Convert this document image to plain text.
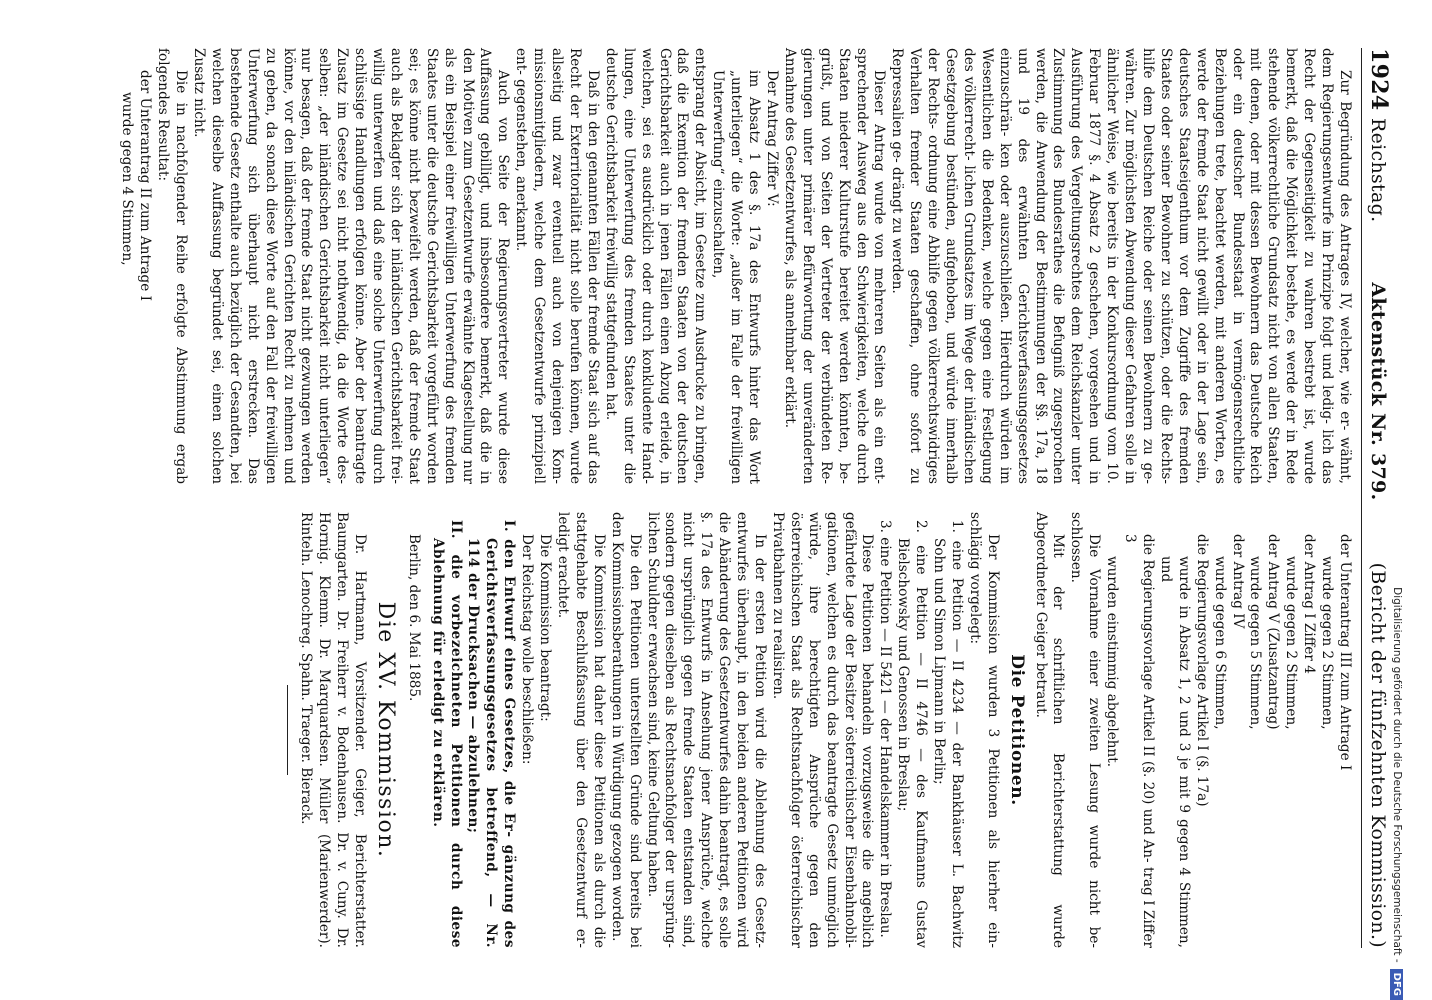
1924
Reichstag.
Aktenstück Nr. 379.
(Bericht der fünfzehnten Kommission.)

Zur Begründung des Antrages IV, welcher, wie er- wähnt, dem Regierungsentwurfe im Prinzipe folgt und ledig- lich das Recht der Gegenseitigkeit zu wahren bestrebt ist, wurde bemerkt, daß die Möglichkeit bestehe, es werde der in Rede stehende völkerrechtliche Grundsatz nicht von allen Staaten, mit denen, oder mit dessen Bewohnern das Deutsche Reich oder ein deutscher Bundesstaat in vermögensrechtliche Beziehungen trete, beachtet werden, mit anderen Worten, es werde der fremde Staat nicht gewillt oder in der Lage sein, deutsches Staatseigenthum vor dem Zugriffe des fremden Staates oder seiner Bewohner zu schützen, oder die Rechts- hilfe dem Deutschen Reiche oder seinen Bewohnern zu ge- währen. Zur möglichsten Abwendung dieser Gefahren solle in ähnlicher Weise, wie bereits in der Konkursordnung vom 10. Februar 1877 §. 4 Absatz 2 geschehen, vorgesehen und in Ausführung des Vergeltungsrechtes dem Reichskanzler unter Zustimmung des Bundesrathes die Befugniß zugesprochen werden, die Anwendung der Bestimmungen der §§. 17a, 18 und 19 des erwähnten Gerichtsverfassungsgesetzes einzuschrän- ken oder auszuschließen. Hierdurch würden im Wesentlichen die Bedenken, welche gegen eine Festlegung des völkerrecht- lichen Grundsatzes im Wege der inländischen Gesetzgebung bestünden, aufgehoben, und würde innerhalb der Rechts- ordnung eine Abhilfe gegen völkerrechtswidriges Verhalten fremder Staaten geschaffen, ohne sofort zu Repressalien ge- drängt zu werden.

Dieser Antrag wurde von mehreren Seiten als ein ent- sprechender Ausweg aus den Schwierigkeiten, welche durch Staaten niederer Kulturstufe bereitet werden könnten, be- grüßt, und von Seiten der Vertreter der verbündeten Re- gierungen unter primärer Befürwortung der unveränderten Annahme des Gesetzentwurfes, als annehmbar erklärt.

Der Antrag Ziffer V:

im Absatz 1 des §. 17a des Entwurfs hinter das Wort „unterliegen“ die Worte: „außer im Falle der freiwilligen Unterwerfung“ einzuschalten,

entsprang der Absicht, im Gesetze zum Ausdrucke zu bringen, daß die Exemtion der fremden Staaten von der deutschen Gerichtsbarkeit auch in jenen Fällen einen Abzug erleide, in welchen, sei es ausdrücklich oder durch konkludente Hand- lungen, eine Unterwerfung des fremden Staates unter die deutsche Gerichtsbarkeit freiwillig stattgefunden hat.

Daß in den genannten Fällen der fremde Staat sich auf das Recht der Exterritorialität nicht solle berufen können, wurde allseitig und zwar eventuell auch von denjenigen Kom- missionsmitgliedern, welche dem Gesetzentwurfe prinzipiell ent- gegenstehen, anerkannt.

Auch von Seite der Regierungsvertreter wurde diese Auffassung gebilligt, und insbesondere bemerkt, daß die in den Motiven zum Gesetzentwurfe erwähnte Klagestellung nur als ein Beispiel einer freiwilligen Unterwerfung des fremden Staates unter die deutsche Gerichtsbarkeit vorgeführt worden sei; es könne nicht bezweifelt werden, daß der fremde Staat auch als Beklagter sich der inländischen Gerichtsbarkeit frei- willig unterwerfen und daß eine solche Unterwerfung durch schlüssige Handlungen erfolgen könne. Aber der beantragte Zusatz im Gesetze sei nicht nothwendig, da die Worte des- selben: „der inländischen Gerichtsbarkeit nicht unterliegen“ nur besagen, daß der fremde Staat nicht gezwungen werden könne, vor den inländischen Gerichten Recht zu nehmen und zu geben, da sonach diese Worte auf den Fall der freiwilligen Unterwerfung sich überhaupt nicht erstrecken. Das bestehende Gesetz enthalte auch bezüglich der Gesandten, bei welchen dieselbe Auffassung begründet sei, einen solchen Zusatz nicht.

Die in nachfolgender Reihe erfolgte Abstimmung ergab folgendes Resultat:

der Unterantrag II zum Antrage I

wurde gegen 4 Stimmen,

der Unterantrag III zum Antrage I

wurde gegen 2 Stimmen,

der Antrag I Ziffer 4

wurde gegen 2 Stimmen,

der Antrag V (Zusatzantrag)

wurde gegen 5 Stimmen,

der Antrag IV

wurde gegen 6 Stimmen,

die Regierungsvorlage Artikel I (§. 17a)

wurde in Absatz 1, 2 und 3 je mit 9 gegen 4 Stimmen, und

die Regierungsvorlage Artikel II (§. 20) und An- trag I Ziffer 3

wurden einstimmig abgelehnt.

Die Vornahme einer zweiten Lesung wurde nicht be- schlossen.

Mit der schriftlichen Berichterstattung wurde Abgeordneter Geiger betraut.

Die Petitionen.

Der Kommission wurden 3 Petitionen als hierher ein- schlägig vorgelegt:

1. eine Petition — II 4234 — der Bankhäuser L. Bachwitz Sohn und Simon Lipmann in Berlin;

2. eine Petition — II 4746 — des Kaufmanns Gustav Bielschowsky und Genossen in Breslau;

3. eine Petition — II 5421 — der Handelskammer in Breslau.

Diese Petitionen behandeln vorzugsweise die angeblich gefährdete Lage der Besitzer österreichischer Eisenbahnobli- gationen, welchen es durch das beantragte Gesetz unmöglich würde, ihre berechtigten Ansprüche gegen den österreichischen Staat als Rechtsnachfolger österreichischer Privatbahnen zu realisiren.

In der ersten Petition wird die Ablehnung des Gesetz- entwurfes überhaupt, in den beiden anderen Petitionen wird die Abänderung des Gesetzentwurfes dahin beantragt, es solle §. 17a des Entwurfs in Ansehung jener Ansprüche, welche nicht ursprünglich gegen fremde Staaten entstanden sind, sondern gegen dieselben als Rechtsnachfolger der ursprüng- lichen Schuldner erwachsen sind, keine Geltung haben.

Die den Petitionen unterstellten Gründe sind bereits bei den Kommissionsberathungen in Würdigung gezogen worden.

Die Kommission hat daher diese Petitionen als durch die stattgehabte Beschlußfassung über den Gesetzentwurf er- ledigt erachtet.

Die Kommission beantragt:

Der Reichstag wolle beschließen:

I. den Entwurf eines Gesetzes, die Er- gänzung des Gerichtsverfassungsgesetzes betreffend, — Nr. 114 der Drucksachen — abzulehnen;

II. die vorbezeichneten Petitionen durch diese Ablehnung für erledigt zu erklären.

Berlin, den 6. Mai 1885.

Die XV. Kommission.

Dr. Hartmann, Vorsitzender. Geiger, Berichterstatter. Baumgarten. Dr. Freiherr v. Bodenhausen. Dr. v. Cuny. Dr. Hornig. Klemm. Dr. Marquardsen. Müller (Marienwerder). Rinteln. Lenochreg. Spahn. Traeger. Bierack.	Digitalisierung gefördert durch die Deutsche Forschungsgemeinschaft -
DFG
